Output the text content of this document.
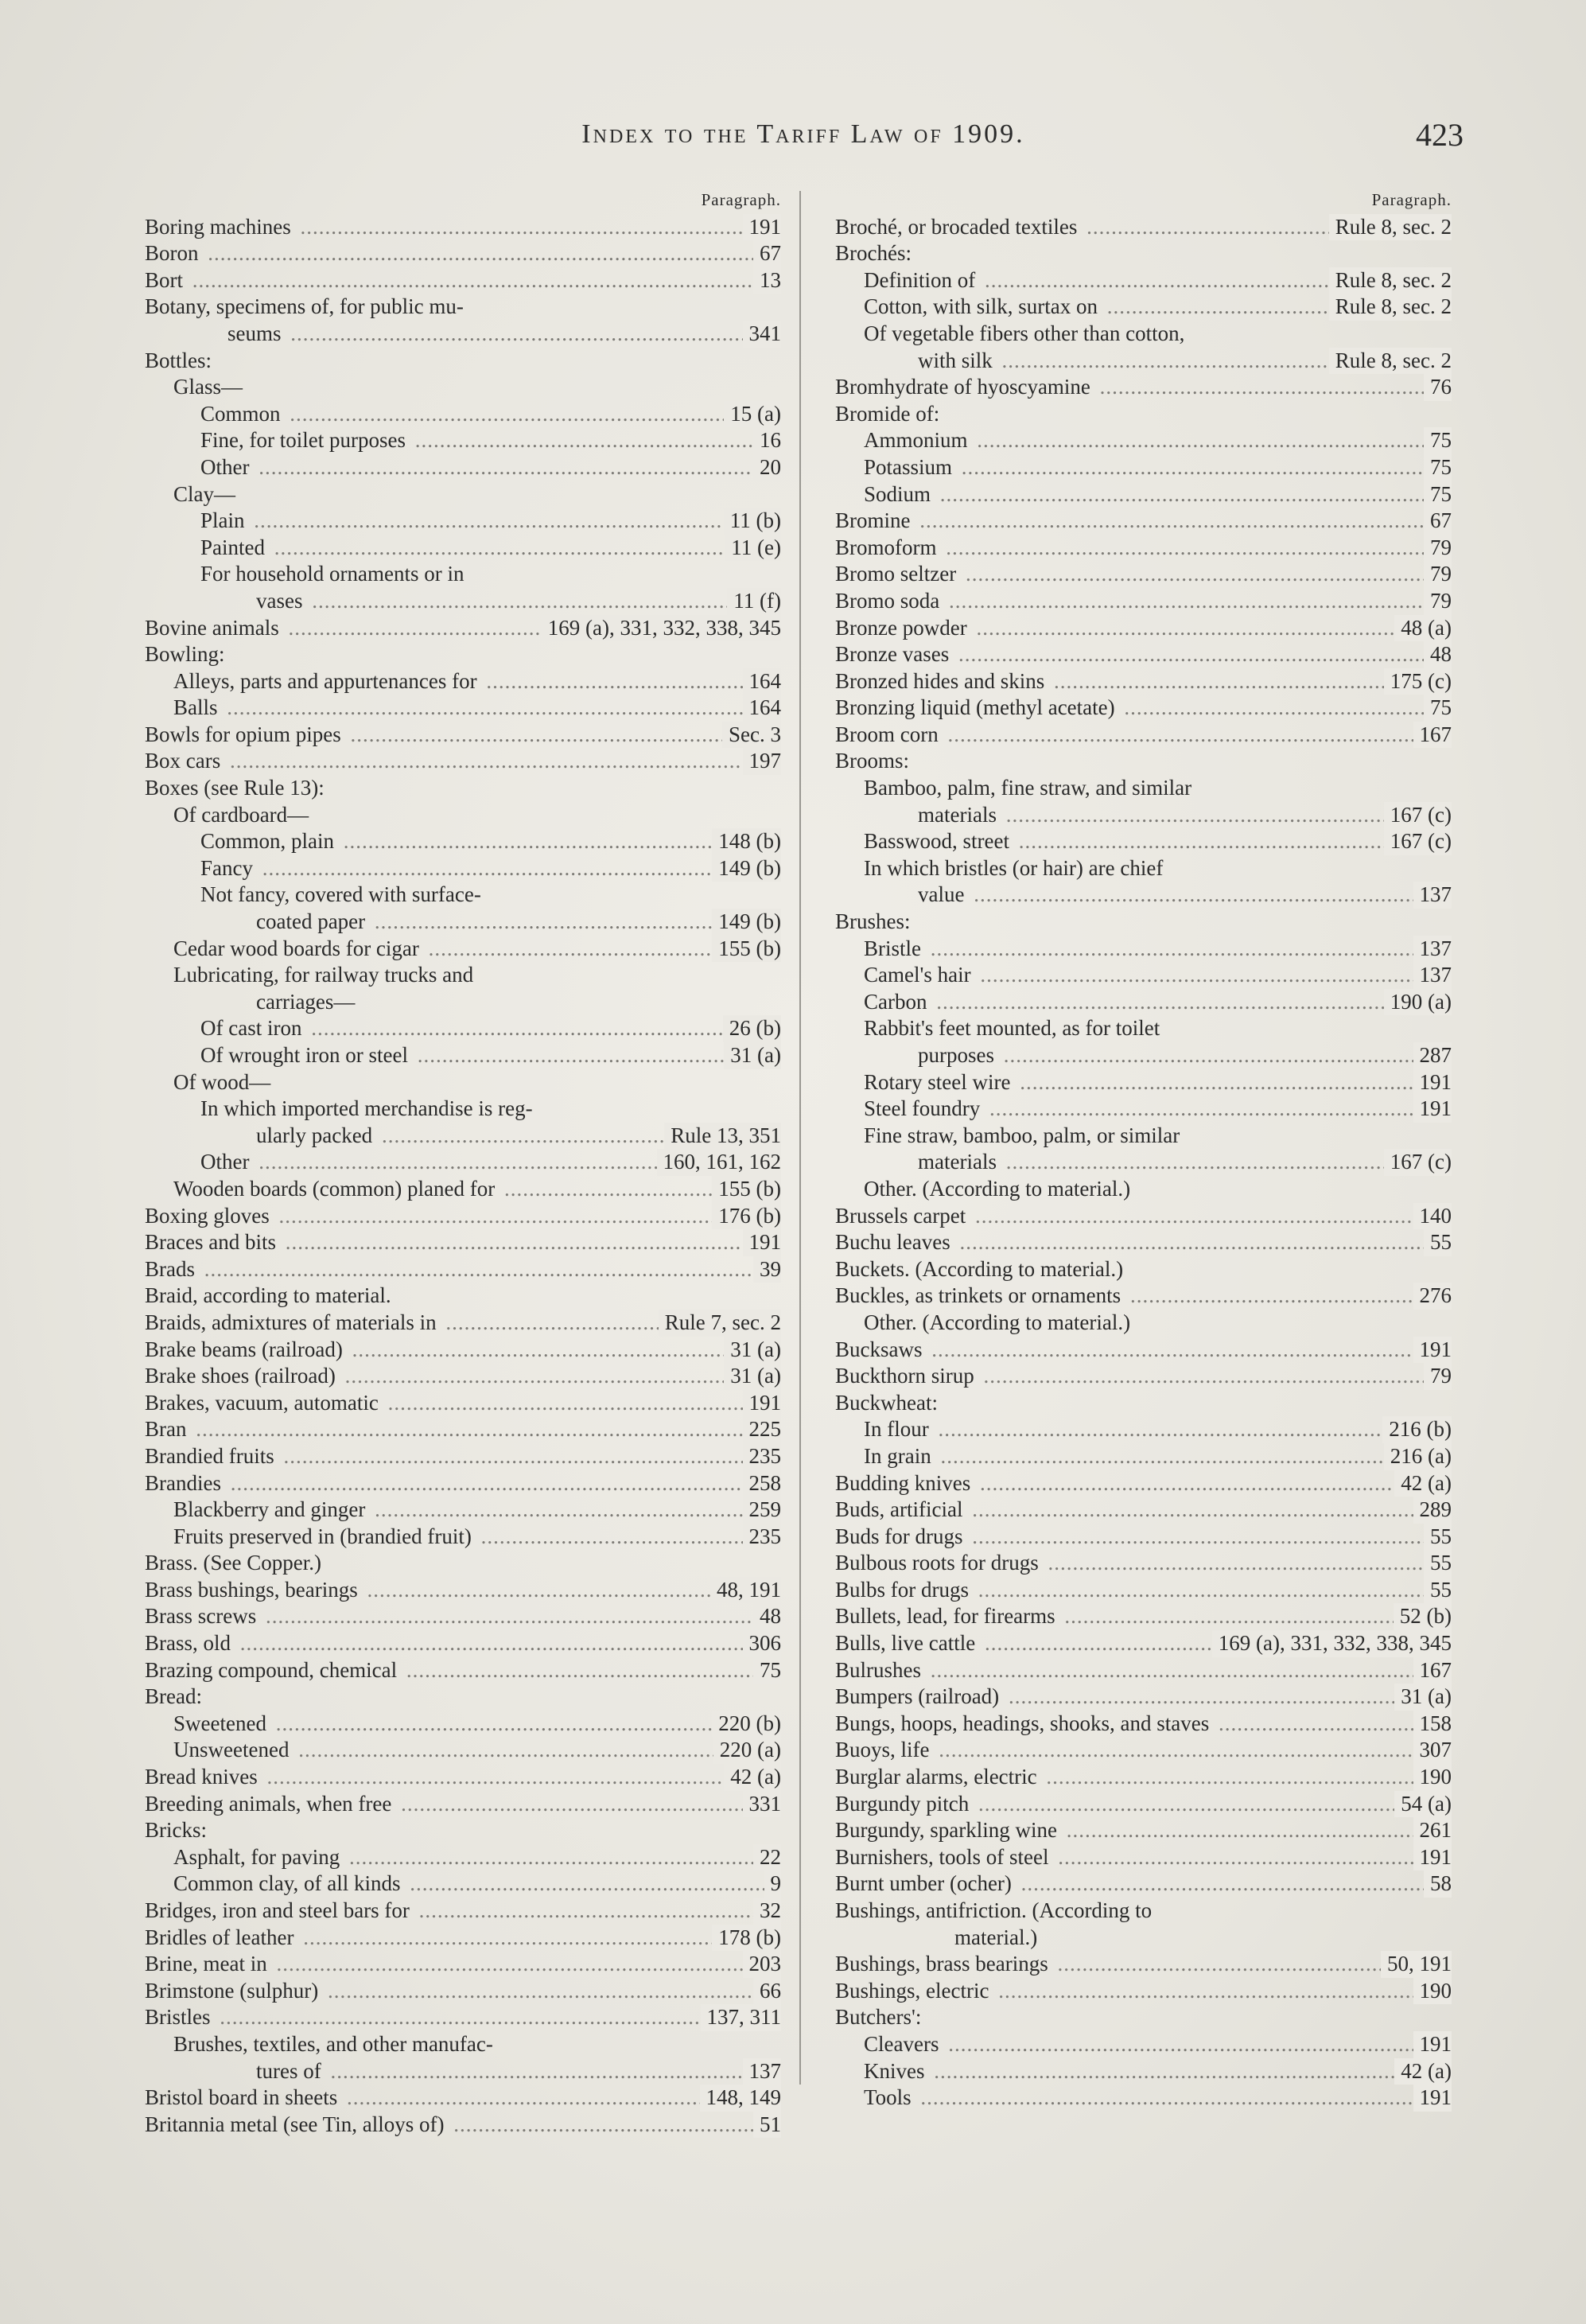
Index to the Tariff Law of 1909.	423
Paragraph.
Boring machines .....	191
Boron .....	67
Bort .....	13
Botany, specimens of, for public mu-
seums .....	341
Bottles:
Glass—
Common .....	15 (a)
Fine, for toilet purposes .....	16
Other .....	20
Clay—
Plain .....	11 (b)
Painted .....	11 (e)
For household ornaments or in
vases .....	11 (f)
Bovine animals .....	169 (a), 331, 332, 338, 345
Bowling:
Alleys, parts and appurtenances for .....	164
Balls .....	164
Bowls for opium pipes .....	Sec. 3
Box cars .....	197
Boxes (see Rule 13):
Of cardboard—
Common, plain .....	148 (b)
Fancy .....	149 (b)
Not fancy, covered with surface-
coated paper .....	149 (b)
Cedar wood boards for cigar .....	155 (b)
Lubricating, for railway trucks and
carriages—
Of cast iron .....	26 (b)
Of wrought iron or steel .....	31 (a)
Of wood—
In which imported merchandise is reg-
ularly packed .....	Rule 13, 351
Other .....	160, 161, 162
Wooden boards (common) planed for .....	155 (b)
Boxing gloves .....	176 (b)
Braces and bits .....	191
Brads .....	39
Braid, according to material.
Braids, admixtures of materials in .....	Rule 7, sec. 2
Brake beams (railroad) .....	31 (a)
Brake shoes (railroad) .....	31 (a)
Brakes, vacuum, automatic .....	191
Bran .....	225
Brandied fruits .....	235
Brandies .....	258
Blackberry and ginger .....	259
Fruits preserved in (brandied fruit) .....	235
Brass. (See Copper.)
Brass bushings, bearings .....	48, 191
Brass screws .....	48
Brass, old .....	306
Brazing compound, chemical .....	75
Bread:
Sweetened .....	220 (b)
Unsweetened .....	220 (a)
Bread knives .....	42 (a)
Breeding animals, when free .....	331
Bricks:
Asphalt, for paving .....	22
Common clay, of all kinds .....	9
Bridges, iron and steel bars for .....	32
Bridles of leather .....	178 (b)
Brine, meat in .....	203
Brimstone (sulphur) .....	66
Bristles .....	137, 311
Brushes, textiles, and other manufac-
tures of .....	137
Bristol board in sheets .....	148, 149
Britannia metal (see Tin, alloys of) .....	51
Paragraph.
Broché, or brocaded textiles .....	Rule 8, sec. 2
Brochés:
Definition of .....	Rule 8, sec. 2
Cotton, with silk, surtax on .....	Rule 8, sec. 2
Of vegetable fibers other than cotton,
with silk .....	Rule 8, sec. 2
Bromhydrate of hyoscyamine .....	76
Bromide of:
Ammonium .....	75
Potassium .....	75
Sodium .....	75
Bromine .....	67
Bromoform .....	79
Bromo seltzer .....	79
Bromo soda .....	79
Bronze powder .....	48 (a)
Bronze vases .....	48
Bronzed hides and skins .....	175 (c)
Bronzing liquid (methyl acetate) .....	75
Broom corn .....	167
Brooms:
Bamboo, palm, fine straw, and similar
materials .....	167 (c)
Basswood, street .....	167 (c)
In which bristles (or hair) are chief
value .....	137
Brushes:
Bristle .....	137
Camel's hair .....	137
Carbon .....	190 (a)
Rabbit's feet mounted, as for toilet
purposes .....	287
Rotary steel wire .....	191
Steel foundry .....	191
Fine straw, bamboo, palm, or similar
materials .....	167 (c)
Other. (According to material.)
Brussels carpet .....	140
Buchu leaves .....	55
Buckets. (According to material.)
Buckles, as trinkets or ornaments .....	276
Other. (According to material.)
Bucksaws .....	191
Buckthorn sirup .....	79
Buckwheat:
In flour .....	216 (b)
In grain .....	216 (a)
Budding knives .....	42 (a)
Buds, artificial .....	289
Buds for drugs .....	55
Bulbous roots for drugs .....	55
Bulbs for drugs .....	55
Bullets, lead, for firearms .....	52 (b)
Bulls, live cattle .....	169 (a), 331, 332, 338, 345
Bulrushes .....	167
Bumpers (railroad) .....	31 (a)
Bungs, hoops, headings, shooks, and staves .....	158
Buoys, life .....	307
Burglar alarms, electric .....	190
Burgundy pitch .....	54 (a)
Burgundy, sparkling wine .....	261
Burnishers, tools of steel .....	191
Burnt umber (ocher) .....	58
Bushings, antifriction. (According to
material.)
Bushings, brass bearings .....	50, 191
Bushings, electric .....	190
Butchers':
Cleavers .....	191
Knives .....	42 (a)
Tools .....	191
